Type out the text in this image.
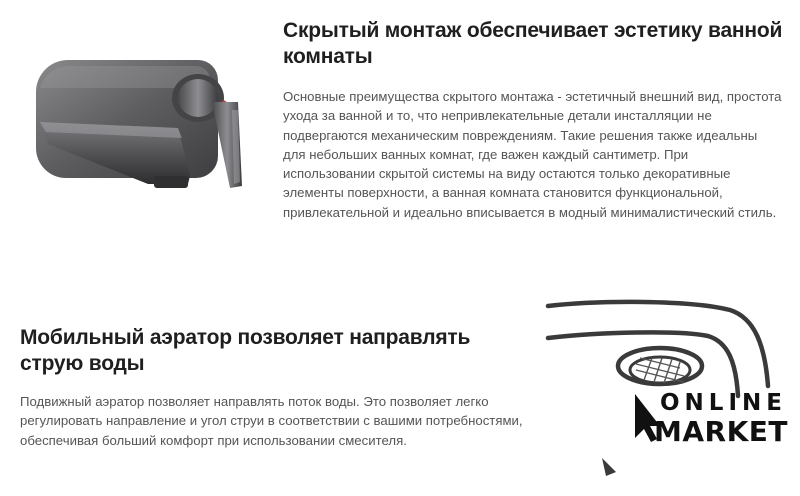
Скрытый монтаж обеспечивает эстетику ванной комнаты

Основные преимущества скрытого монтажа - эстетичный внешний вид, простота ухода за ванной и то, что непривлекательные детали инсталляции не подвергаются механическим повреждениям. Такие решения также идеальны для небольших ванных комнат, где важен каждый сантиметр. При использовании скрытой системы на виду остаются только декоративные элементы поверхности, а ванная комната становится функциональной, привлекательной и идеально вписывается в модный минималистический стиль.

Мобильный аэратор позволяет направлять струю воды

Подвижный аэратор позволяет направлять поток воды. Это позволяет легко регулировать направление и угол струи в соответствии с вашими потребностями, обеспечивая больший комфорт при использовании смесителя.

ONLINE
MARKET
